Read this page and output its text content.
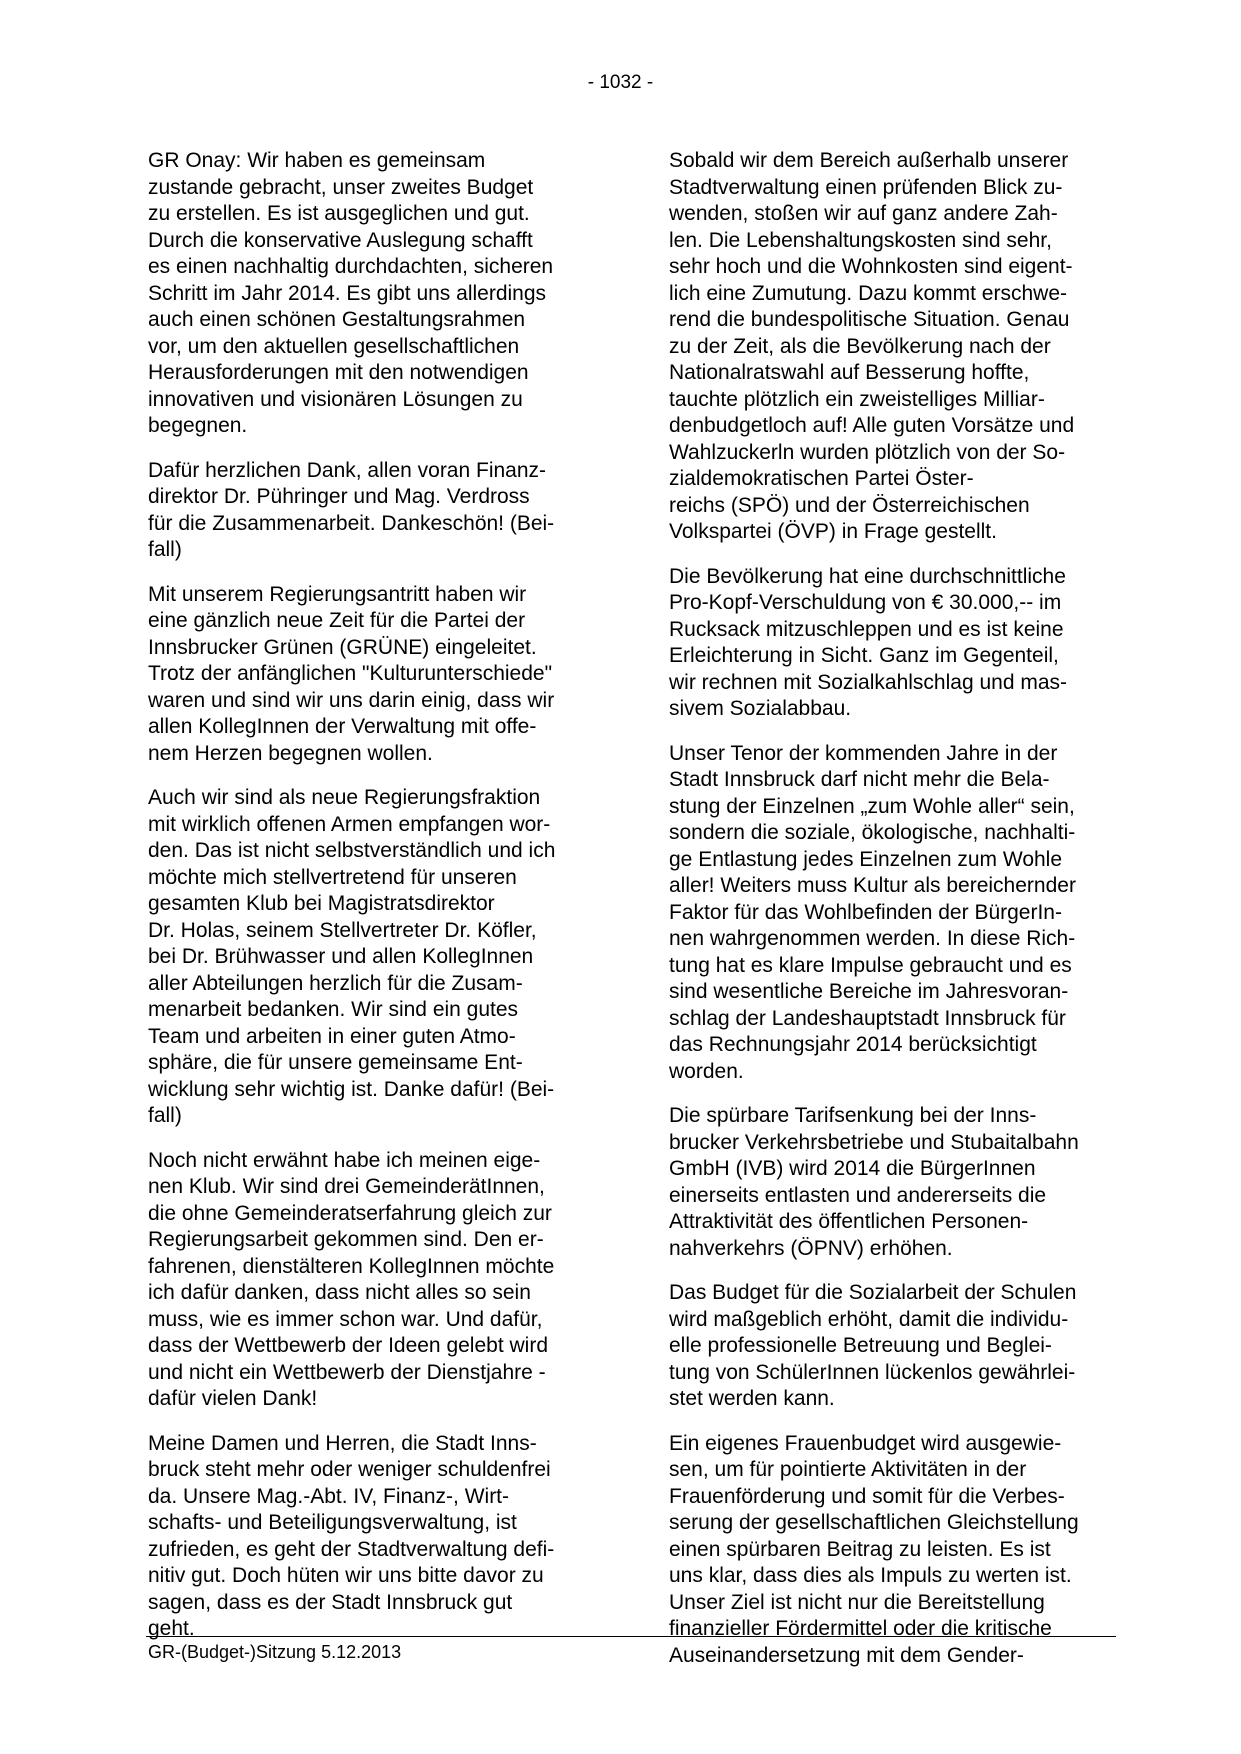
- 1032 -

GR Onay: Wir haben es gemeinsam
zustande gebracht, unser zweites Budget
zu erstellen. Es ist ausgeglichen und gut.
Durch die konservative Auslegung schafft
es einen nachhaltig durchdachten, sicheren
Schritt im Jahr 2014. Es gibt uns allerdings
auch einen schönen Gestaltungsrahmen
vor, um den aktuellen gesellschaftlichen
Herausforderungen mit den notwendigen
innovativen und visionären Lösungen zu
begegnen.

Dafür herzlichen Dank, allen voran Finanz-
direktor Dr. Pühringer und Mag. Verdross
für die Zusammenarbeit. Dankeschön! (Bei-
fall)

Mit unserem Regierungsantritt haben wir
eine gänzlich neue Zeit für die Partei der
Innsbrucker Grünen (GRÜNE) eingeleitet.
Trotz der anfänglichen "Kulturunterschiede"
waren und sind wir uns darin einig, dass wir
allen KollegInnen der Verwaltung mit offe-
nem Herzen begegnen wollen.

Auch wir sind als neue Regierungsfraktion
mit wirklich offenen Armen empfangen wor-
den. Das ist nicht selbstverständlich und ich
möchte mich stellvertretend für unseren
gesamten Klub bei Magistratsdirektor
Dr. Holas, seinem Stellvertreter Dr. Köfler,
bei Dr. Brühwasser und allen KollegInnen
aller Abteilungen herzlich für die Zusam-
menarbeit bedanken. Wir sind ein gutes
Team und arbeiten in einer guten Atmo-
sphäre, die für unsere gemeinsame Ent-
wicklung sehr wichtig ist. Danke dafür! (Bei-
fall)

Noch nicht erwähnt habe ich meinen eige-
nen Klub. Wir sind drei GemeinderätInnen,
die ohne Gemeinderatserfahrung gleich zur
Regierungsarbeit gekommen sind. Den er-
fahrenen, dienstälteren KollegInnen möchte
ich dafür danken, dass nicht alles so sein
muss, wie es immer schon war. Und dafür,
dass der Wettbewerb der Ideen gelebt wird
und nicht ein Wettbewerb der Dienstjahre -
dafür vielen Dank!

Meine Damen und Herren, die Stadt Inns-
bruck steht mehr oder weniger schuldenfrei
da. Unsere Mag.-Abt. IV, Finanz-, Wirt-
schafts- und Beteiligungsverwaltung, ist
zufrieden, es geht der Stadtverwaltung defi-
nitiv gut. Doch hüten wir uns bitte davor zu
sagen, dass es der Stadt Innsbruck gut
geht.

Sobald wir dem Bereich außerhalb unserer
Stadtverwaltung einen prüfenden Blick zu-
wenden, stoßen wir auf ganz andere Zah-
len. Die Lebenshaltungskosten sind sehr,
sehr hoch und die Wohnkosten sind eigent-
lich eine Zumutung. Dazu kommt erschwe-
rend die bundespolitische Situation. Genau
zu der Zeit, als die Bevölkerung nach der
Nationalratswahl auf Besserung hoffte,
tauchte plötzlich ein zweistelliges Milliar-
denbudgetloch auf! Alle guten Vorsätze und
Wahlzuckerln wurden plötzlich von der So-
zialdemokratischen Partei Öster-
reichs (SPÖ) und der Österreichischen
Volkspartei (ÖVP) in Frage gestellt.

Die Bevölkerung hat eine durchschnittliche
Pro-Kopf-Verschuldung von € 30.000,-- im
Rucksack mitzuschleppen und es ist keine
Erleichterung in Sicht. Ganz im Gegenteil,
wir rechnen mit Sozialkahlschlag und mas-
sivem Sozialabbau.

Unser Tenor der kommenden Jahre in der
Stadt Innsbruck darf nicht mehr die Bela-
stung der Einzelnen „zum Wohle aller“ sein,
sondern die soziale, ökologische, nachhalti-
ge Entlastung jedes Einzelnen zum Wohle
aller! Weiters muss Kultur als bereichernder
Faktor für das Wohlbefinden der BürgerIn-
nen wahrgenommen werden. In diese Rich-
tung hat es klare Impulse gebraucht und es
sind wesentliche Bereiche im Jahresvoran-
schlag der Landeshauptstadt Innsbruck für
das Rechnungsjahr 2014 berücksichtigt
worden.

Die spürbare Tarifsenkung bei der Inns-
brucker Verkehrsbetriebe und Stubaitalbahn
GmbH (IVB) wird 2014 die BürgerInnen
einerseits entlasten und andererseits die
Attraktivität des öffentlichen Personen-
nahverkehrs (ÖPNV) erhöhen.

Das Budget für die Sozialarbeit der Schulen
wird maßgeblich erhöht, damit die individu-
elle professionelle Betreuung und Beglei-
tung von SchülerInnen lückenlos gewährlei-
stet werden kann.

Ein eigenes Frauenbudget wird ausgewie-
sen, um für pointierte Aktivitäten in der
Frauenförderung und somit für die Verbes-
serung der gesellschaftlichen Gleichstellung
einen spürbaren Beitrag zu leisten. Es ist
uns klar, dass dies als Impuls zu werten ist.
Unser Ziel ist nicht nur die Bereitstellung
finanzieller Fördermittel oder die kritische
Auseinandersetzung mit dem Gender-

GR-(Budget-)Sitzung 5.12.2013
